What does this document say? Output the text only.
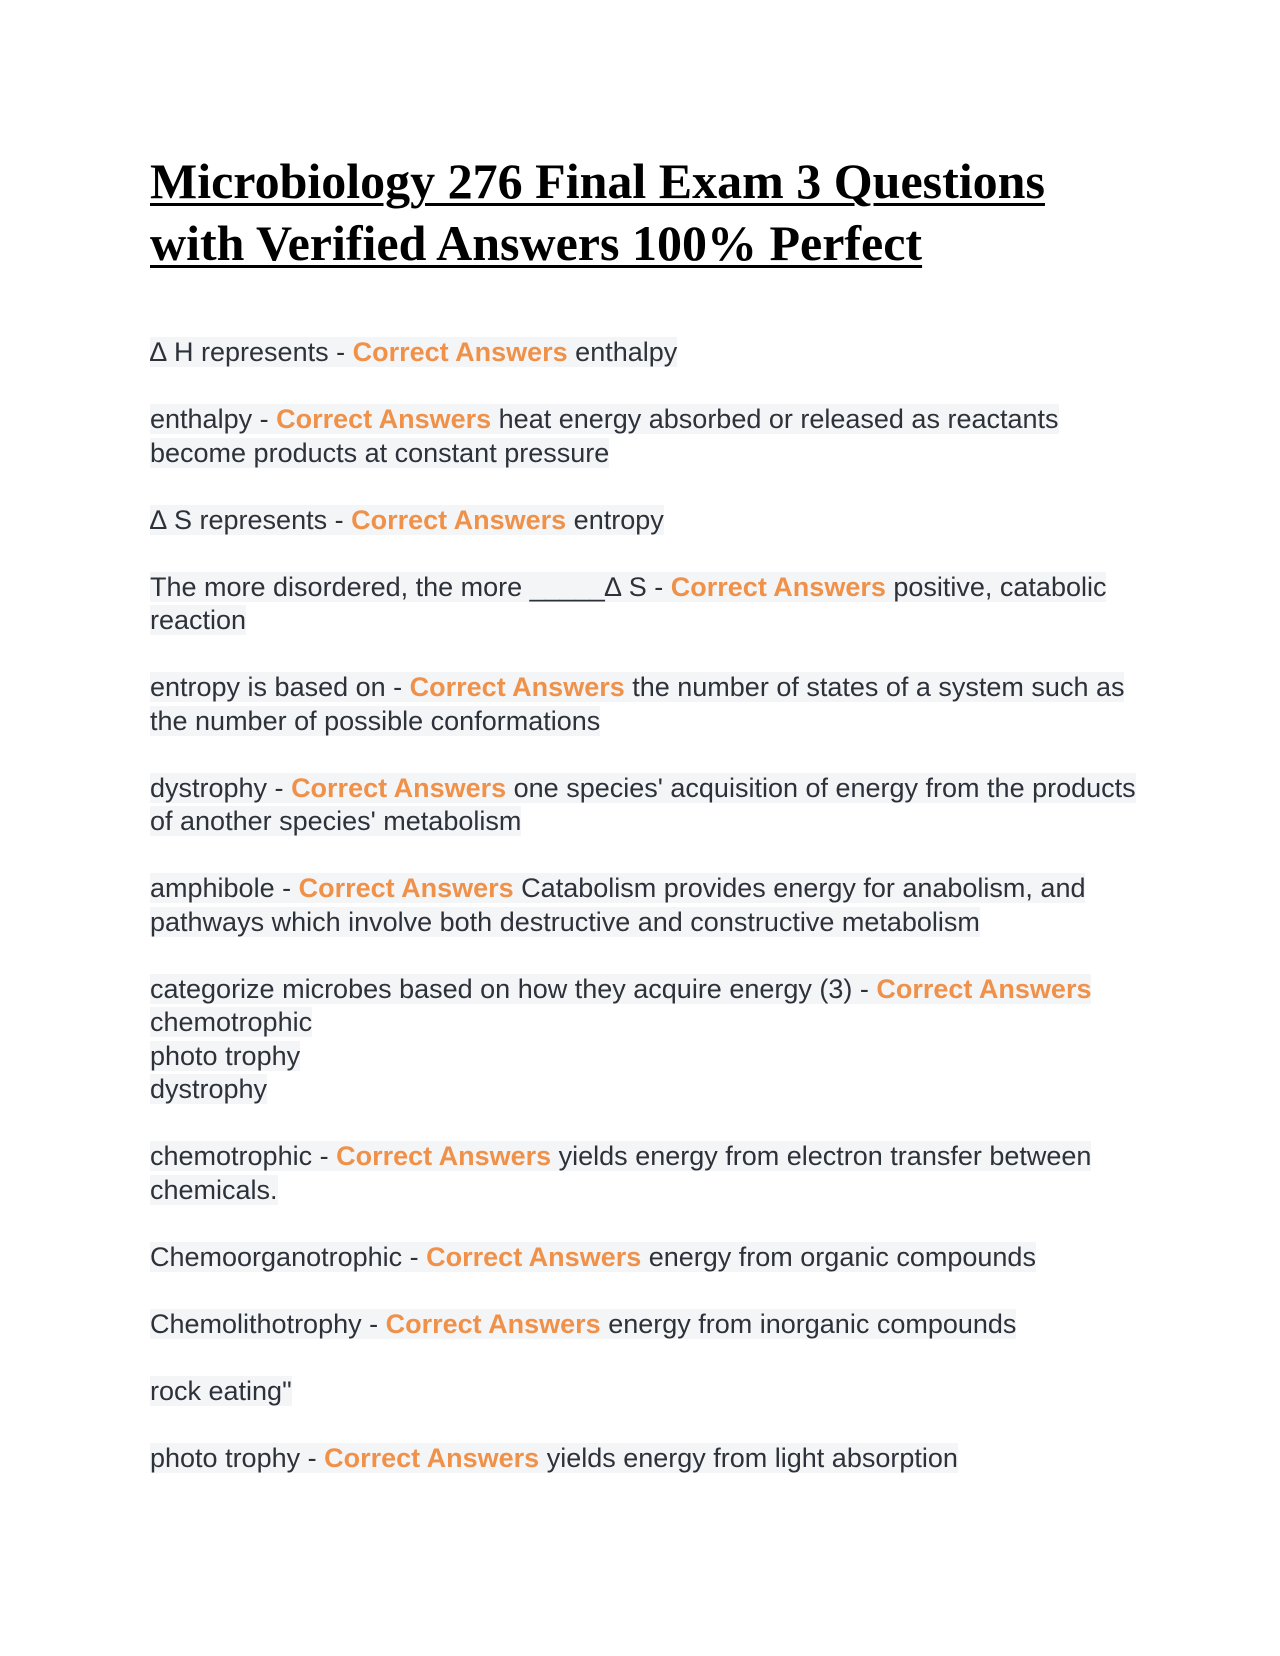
Microbiology 276 Final Exam 3 Questions with Verified Answers 100% Perfect
∆ H represents - Correct Answers enthalpy
enthalpy - Correct Answers heat energy absorbed or released as reactants become products at constant pressure
∆ S represents - Correct Answers entropy
The more disordered, the more _____∆ S - Correct Answers positive, catabolic reaction
entropy is based on - Correct Answers the number of states of a system such as the number of possible conformations
dystrophy - Correct Answers one species' acquisition of energy from the products of another species' metabolism
amphibole - Correct Answers Catabolism provides energy for anabolism, and pathways which involve both destructive and constructive metabolism
categorize microbes based on how they acquire energy (3) - Correct Answers chemotrophic
photo trophy
dystrophy
chemotrophic - Correct Answers yields energy from electron transfer between chemicals.
Chemoorganotrophic - Correct Answers energy from organic compounds
Chemolithotrophy - Correct Answers energy from inorganic compounds
rock eating"
photo trophy - Correct Answers yields energy from light absorption
